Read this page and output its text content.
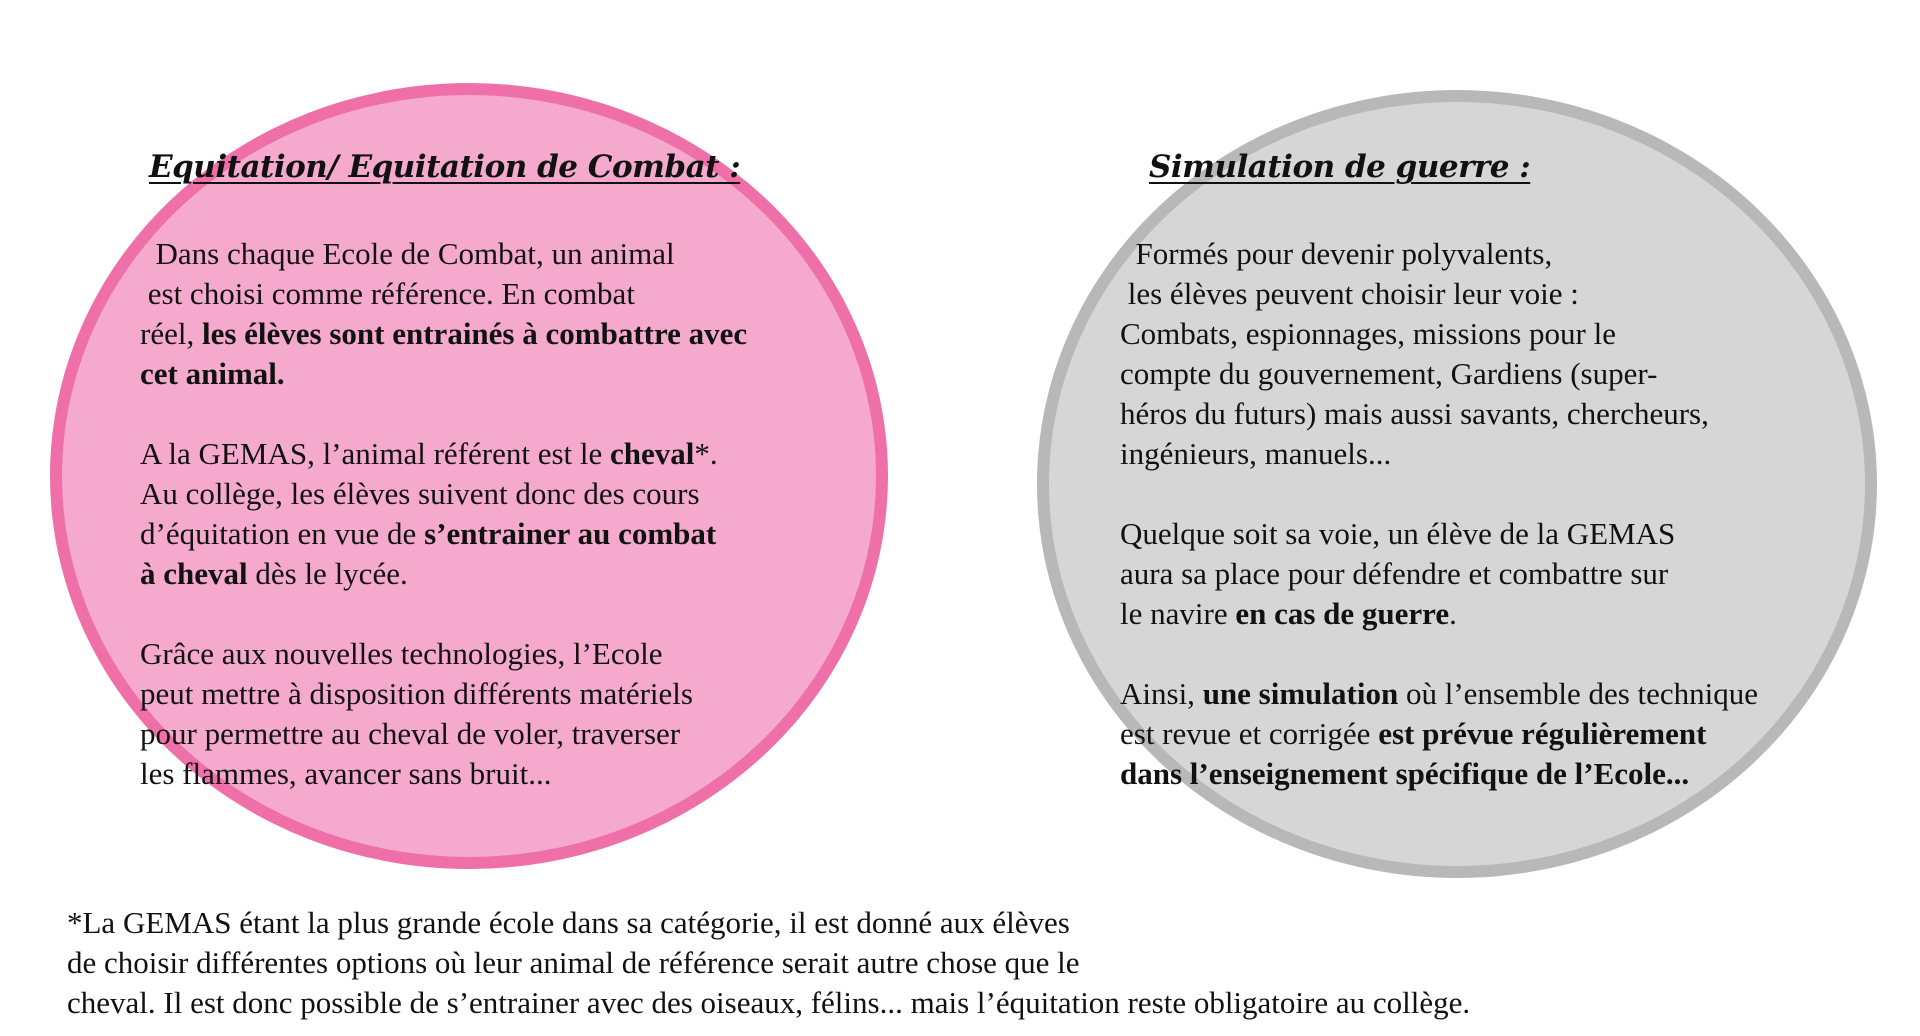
Equitation/ Equitation de Combat :

Dans chaque Ecole de Combat, un animal
est choisi comme référence. En combat
réel, les élèves sont entrainés à combattre avec
cet animal.

A la GEMAS, l’animal référent est le cheval*.
Au collège, les élèves suivent donc des cours
d’équitation en vue de s’entrainer au combat
à cheval dès le lycée.

Grâce aux nouvelles technologies, l’Ecole
peut mettre à disposition différents matériels
pour permettre au cheval de voler, traverser
les flammes, avancer sans bruit...

Simulation de guerre :

Formés pour devenir polyvalents,
les élèves peuvent choisir leur voie :
Combats, espionnages, missions pour le
compte du gouvernement, Gardiens (super-
héros du futurs) mais aussi savants, chercheurs,
ingénieurs, manuels...

Quelque soit sa voie, un élève de la GEMAS
aura sa place pour défendre et combattre sur
le navire en cas de guerre.

Ainsi, une simulation où l’ensemble des technique
est revue et corrigée est prévue régulièrement
dans l’enseignement spécifique de l’Ecole...

*La GEMAS étant la plus grande école dans sa catégorie, il est donné aux élèves
de choisir différentes options où leur animal de référence serait autre chose que le
cheval. Il est donc possible de s’entrainer avec des oiseaux, félins... mais l’équitation reste obligatoire au collège.
